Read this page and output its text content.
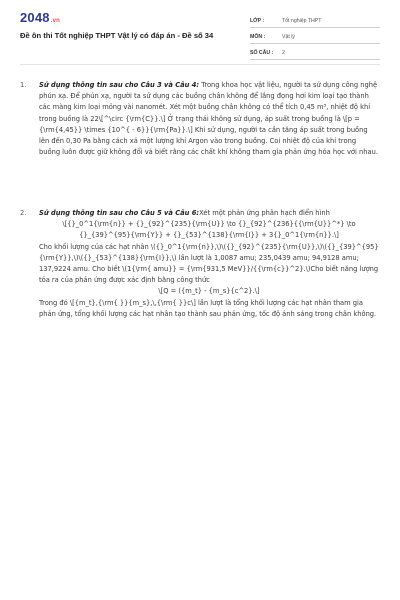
2048.vn
Đề ôn thi Tốt nghiệp THPT Vật lý có đáp án - Đề số 34
LỚP :	Tốt nghiệp THPT
MÔN :	Vật lý
SỐ CÂU :	2
1.	Sử dụng thông tin sau cho Câu 3 và Câu 4: Trong khoa học vật liệu, người ta sử dụng công nghệ phún xạ. Để phún xạ, người ta sử dụng các buồng chân không để lắng đọng hơi kim loại tạo thành các màng kim loại mỏng vài nanomét. Xét một buồng chân không có thể tích 0,45 m³, nhiệt độ khí trong buồng là 22\[^\circ {\rm{C}}.\] Ở trạng thái không sử dụng, áp suất trong buồng là \[p = {\rm{4,45}} \times {10^{ - 6}}{\rm{Pa}}.\] Khi sử dụng, người ta cần tăng áp suất trong buồng lên đến 0,30 Pa bằng cách xả một lượng khí Argon vào trong buồng. Coi nhiệt độ của khí trong buồng luôn được giữ không đổi và biết rằng các chất khí không tham gia phản ứng hóa học với nhau.

2.	Sử dụng thông tin sau cho Câu 5 và Câu 6:Xét một phản ứng phân hạch điển hình

\[{}_0^1{\rm{n}} + {}_{92}^{235}{\rm{U}} \to {}_{92}^{236}{{\rm{U}}^*} \to {}_{39}^{95}{\rm{Y}} + {}_{53}^{138}{\rm{I}} + 3{}_0^1{\rm{n}}.\]

Cho khối lượng của các hạt nhân \({}_0^1{\rm{n}},\)\({}_{92}^{235}{\rm{U}},\)\({}_{39}^{95}{\rm{Y}},\)\({}_{53}^{138}{\rm{I}},\) lần lượt là 1,0087 amu; 235,0439 amu; 94,9128 amu; 137,9224 amu. Cho biết \(1{\rm{ amu}} = {\rm{931,5 MeV}}/{{\rm{c}}^2}.\)Cho biết năng lượng tỏa ra của phản ứng được xác định bằng công thức

\[Q = ({m_t} - {m_s}{c^2}.\]

Trong đó \[{m_t},{\rm{ }}{m_s},\,{\rm{ }}c\] lần lượt là tổng khối lượng các hạt nhân tham gia phản ứng, tổng khối lượng các hạt nhân tạo thành sau phản ứng, tốc độ ánh sáng trong chân không.
